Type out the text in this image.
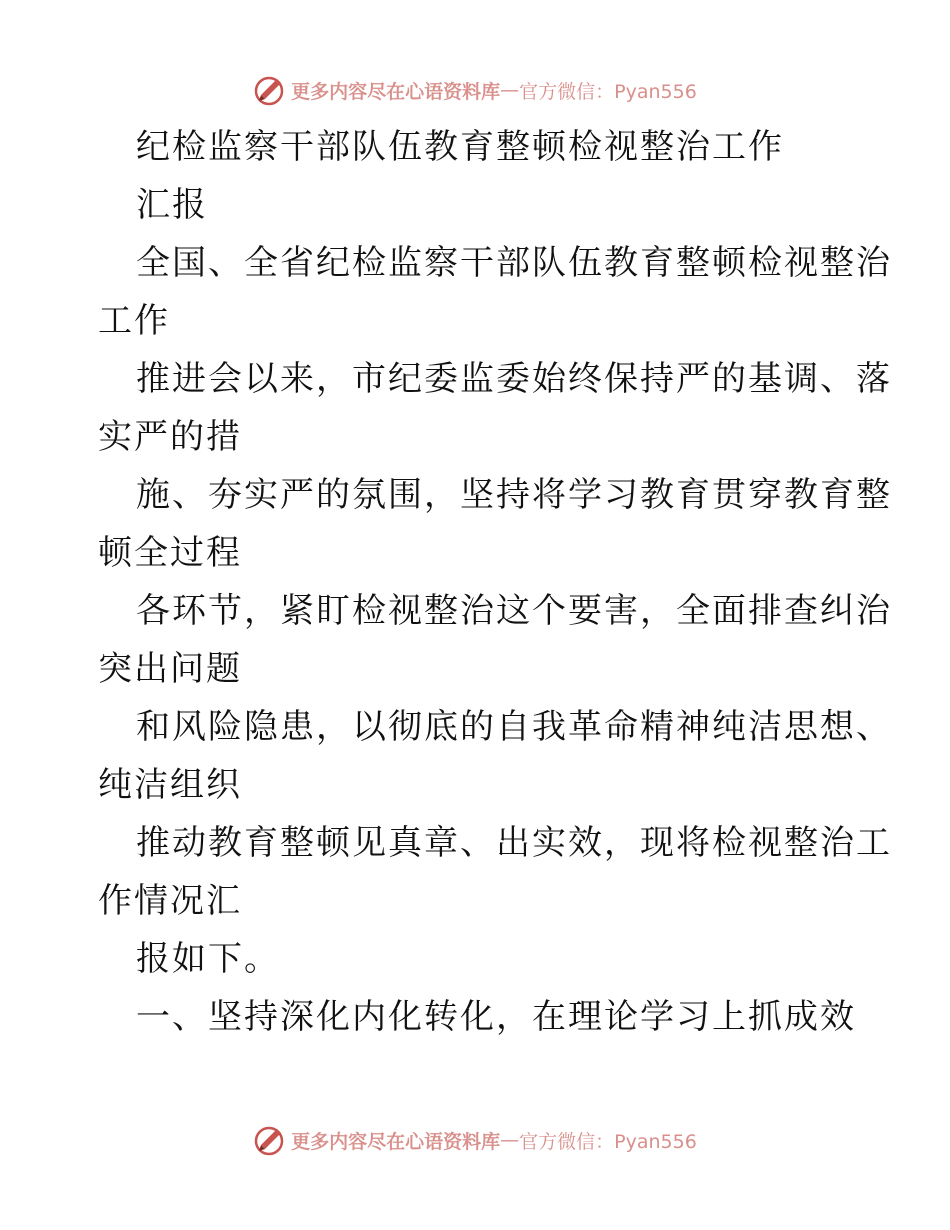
更多内容尽在心语资料库 — 官方微信：Pyan556

纪检监察干部队伍教育整顿检视整治工作

汇报

全国、全省纪检监察干部队伍教育整顿检视整治

工作

推进会以来，市纪委监委始终保持严的基调、落

实严的措

施、夯实严的氛围，坚持将学习教育贯穿教育整

顿全过程

各环节，紧盯检视整治这个要害，全面排查纠治

突出问题

和风险隐患，以彻底的自我革命精神纯洁思想、

纯洁组织

推动教育整顿见真章、出实效，现将检视整治工

作情况汇

报如下。

一、坚持深化内化转化，在理论学习上抓成效

更多内容尽在心语资料库 — 官方微信：Pyan556
